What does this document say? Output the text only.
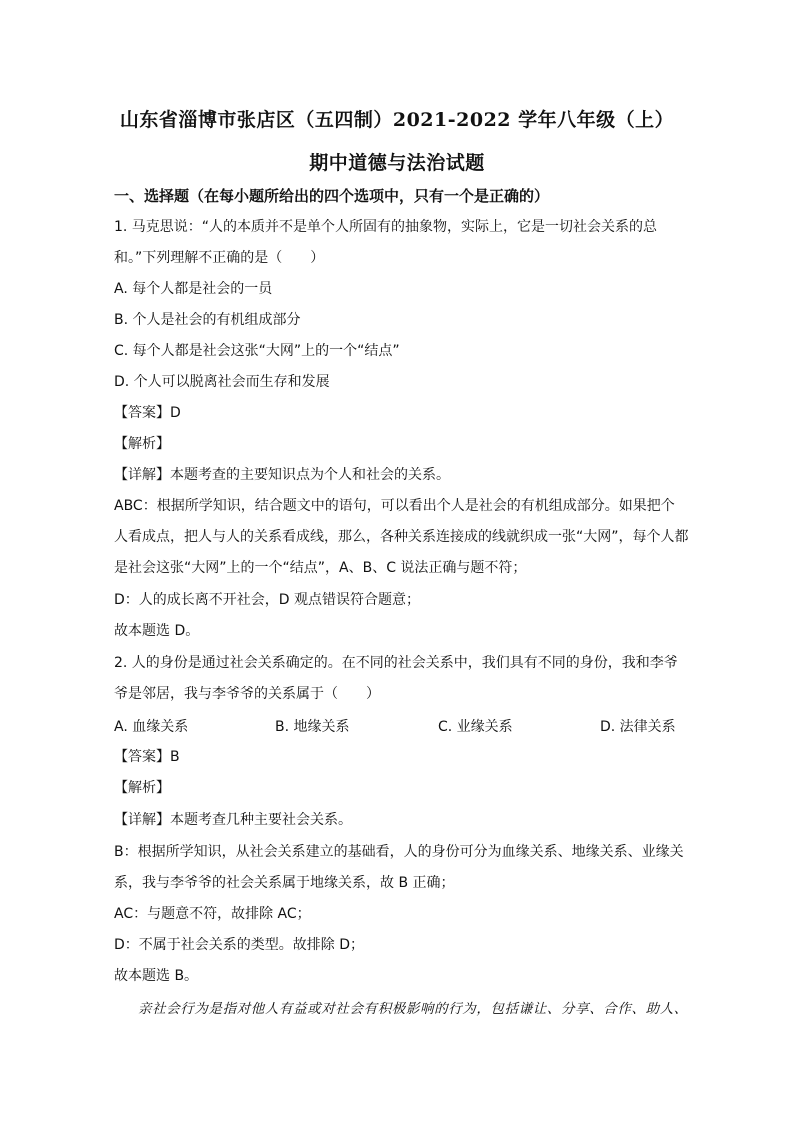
山东省淄博市张店区（五四制）2021-2022 学年八年级（上）
期中道德与法治试题
一、选择题（在每小题所给出的四个选项中，只有一个是正确的）
1. 马克思说：“人的本质并不是单个人所固有的抽象物，实际上，它是一切社会关系的总
和。”下列理解不正确的是（　　）
A. 每个人都是社会的一员
B. 个人是社会的有机组成部分
C. 每个人都是社会这张“大网”上的一个“结点”
D. 个人可以脱离社会而生存和发展
【答案】D
【解析】
【详解】本题考查的主要知识点为个人和社会的关系。
ABC：根据所学知识，结合题文中的语句，可以看出个人是社会的有机组成部分。如果把个
人看成点，把人与人的关系看成线，那么，各种关系连接成的线就织成一张“大网”，每个人都
是社会这张“大网”上的一个“结点”，A、B、C 说法正确与题不符；
D：人的成长离不开社会，D 观点错误符合题意；
故本题选 D。
2. 人的身份是通过社会关系确定的。在不同的社会关系中，我们具有不同的身份，我和李爷
爷是邻居，我与李爷爷的关系属于（　　）
A. 血缘关系	B. 地缘关系	C. 业缘关系	D. 法律关系
【答案】B
【解析】
【详解】本题考查几种主要社会关系。
B：根据所学知识，从社会关系建立的基础看，人的身份可分为血缘关系、地缘关系、业缘关
系，我与李爷爷的社会关系属于地缘关系，故 B 正确；
AC：与题意不符，故排除 AC；
D：不属于社会关系的类型。故排除 D；
故本题选 B。
亲社会行为是指对他人有益或对社会有积极影响的行为，包括谦让、分享、合作、助人、
